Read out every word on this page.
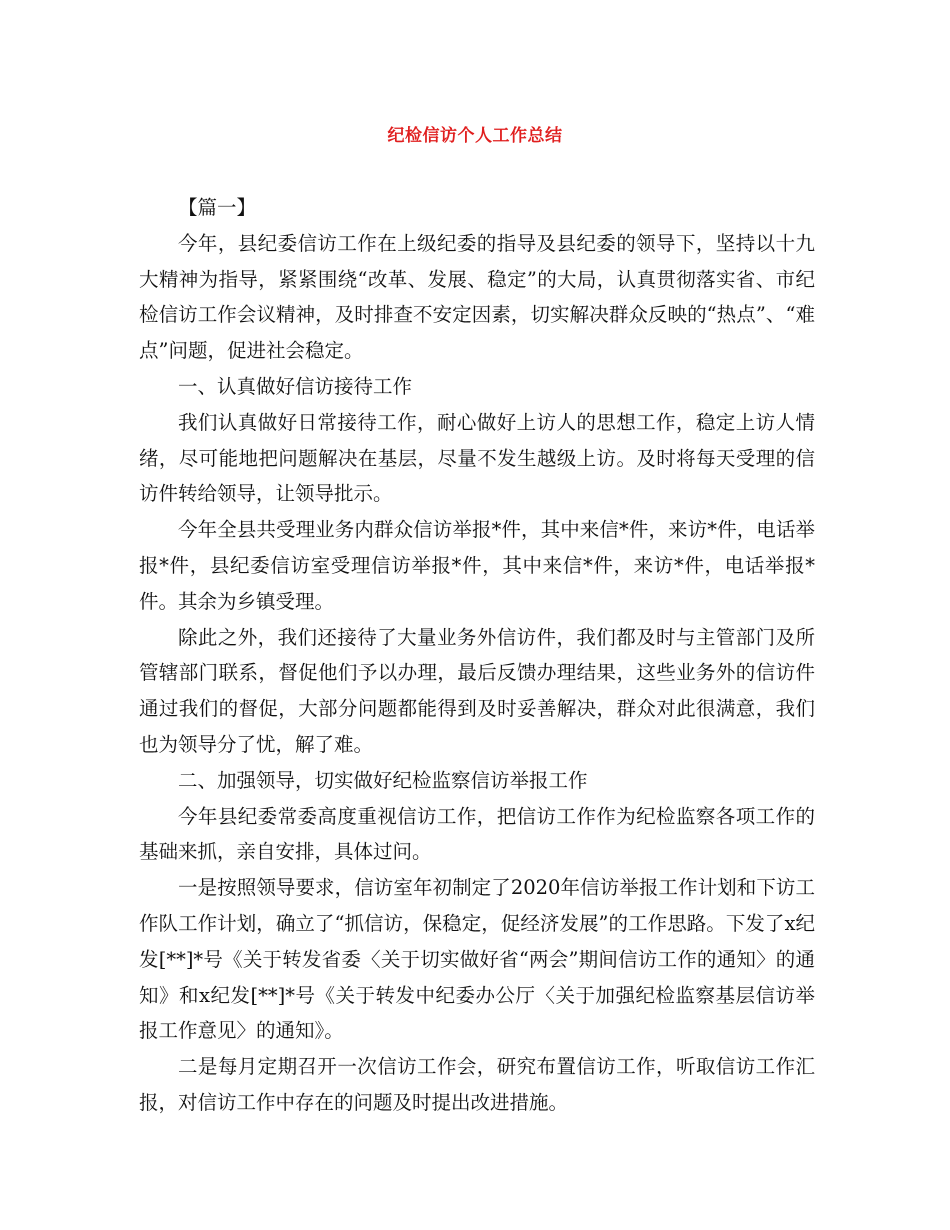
纪检信访个人工作总结

【篇一】

今年，县纪委信访工作在上级纪委的指导及县纪委的领导下，坚持以十九大精神为指导，紧紧围绕“改革、发展、稳定”的大局，认真贯彻落实省、市纪检信访工作会议精神，及时排查不安定因素，切实解决群众反映的“热点”、“难点”问题，促进社会稳定。

一、认真做好信访接待工作

我们认真做好日常接待工作，耐心做好上访人的思想工作，稳定上访人情绪，尽可能地把问题解决在基层，尽量不发生越级上访。及时将每天受理的信访件转给领导，让领导批示。

今年全县共受理业务内群众信访举报*件，其中来信*件，来访*件，电话举报*件，县纪委信访室受理信访举报*件，其中来信*件，来访*件，电话举报*件。其余为乡镇受理。

除此之外，我们还接待了大量业务外信访件，我们都及时与主管部门及所管辖部门联系，督促他们予以办理，最后反馈办理结果，这些业务外的信访件通过我们的督促，大部分问题都能得到及时妥善解决，群众对此很满意，我们也为领导分了忧，解了难。

二、加强领导，切实做好纪检监察信访举报工作

今年县纪委常委高度重视信访工作，把信访工作作为纪检监察各项工作的基础来抓，亲自安排，具体过问。

一是按照领导要求，信访室年初制定了2020年信访举报工作计划和下访工作队工作计划，确立了“抓信访，保稳定，促经济发展”的工作思路。下发了x纪发[**]*号《关于转发省委〈关于切实做好省“两会”期间信访工作的通知〉的通知》和x纪发[**]*号《关于转发中纪委办公厅〈关于加强纪检监察基层信访举报工作意见〉的通知》。

二是每月定期召开一次信访工作会，研究布置信访工作，听取信访工作汇报，对信访工作中存在的问题及时提出改进措施。
